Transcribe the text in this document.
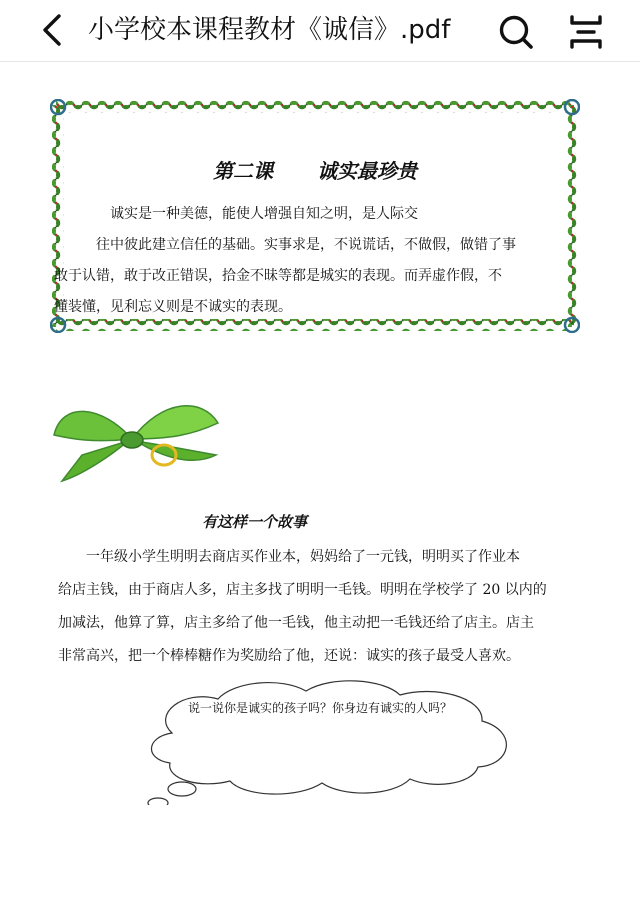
小学校本课程教材《诚信》.pdf
第二课 诚实最珍贵

　　　　诚实是一种美德，能使人增强自知之明，是人际交

　　　往中彼此建立信任的基础。实事求是，不说谎话，不做假，做错了事

敢于认错，敢于改正错误，拾金不昧等都是城实的表现。而弄虚作假，不

懂装懂，见利忘义则是不诚实的表现。

有这样一个故事

　　一年级小学生明明去商店买作业本，妈妈给了一元钱，明明买了作业本

给店主钱，由于商店人多，店主多找了明明一毛钱。明明在学校学了 20 以内的

加减法，他算了算，店主多给了他一毛钱，他主动把一毛钱还给了店主。店主

非常高兴，把一个棒棒糖作为奖励给了他，还说：诚实的孩子最受人喜欢。

说一说你是诚实的孩子吗？你身边有诚实的人吗？
